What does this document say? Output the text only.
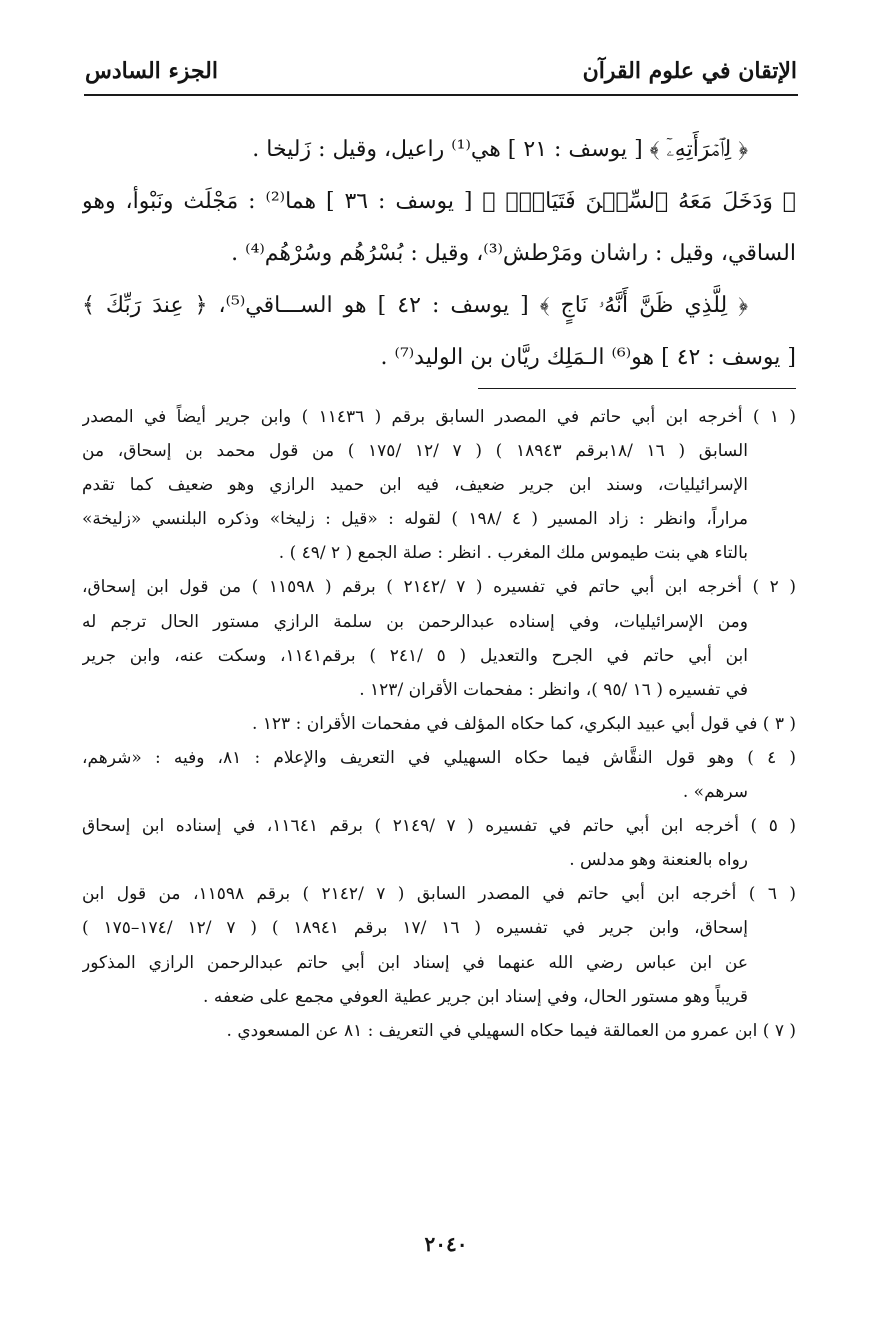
الإتقان في علوم القرآن
الجزء السادس
﴿ لِٱمۡرَأَتِهِۦٓ ﴾ [ يوسف : ٢١ ] هي⁽¹⁾ راعيل، وقيل : زَليخا .
﴿ وَدَخَلَ مَعَهُ ٱلسِّجۡنَ فَتَيَانِۖ ﴾ [ يوسف : ٣٦ ] هما⁽²⁾ : مَجْلَث ونَبْوأ، وهو
الساقي، وقيل : راشان ومَرْطش⁽³⁾، وقيل : بُسْرُهُم وسُرْهُم⁽⁴⁾ .
﴿ لِلَّذِي ظَنَّ أَنَّهُۥ نَاجٍ ﴾ [ يوسف : ٤٢ ] هو الســـاقي⁽⁵⁾، ﴿ عِندَ رَبِّكَ ﴾
[ يوسف : ٤٢ ] هو⁽⁶⁾ الـمَلِك ريَّان بن الوليد⁽⁷⁾ .
( ١ ) أخرجه ابن أبي حاتم في المصدر السابق برقم ( ١١٤٣٦ ) وابن جرير أيضاً في المصدر
السابق ( ١٦ /١٨برقم ١٨٩٤٣ ) ( ٧ /١٢ /١٧٥ ) من قول محمد بن إسحاق، من
الإسرائيليات، وسند ابن جرير ضعيف، فيه ابن حميد الرازي وهو ضعيف كما تقدم
مراراً، وانظر : زاد المسير ( ٤ /١٩٨ ) لقوله : «قيل : زليخا» وذكره البلنسي «زليخة»
بالتاء هي بنت طيموس ملك المغرب . انظر : صلة الجمع ( ٢ /٤٩ ) .
( ٢ ) أخرجه ابن أبي حاتم في تفسيره ( ٧ /٢١٤٢ ) برقم ( ١١٥٩٨ ) من قول ابن إسحاق،
ومن الإسرائيليات، وفي إسناده عبدالرحمن بن سلمة الرازي مستور الحال ترجم له
ابن أبي حاتم في الجرح والتعديل ( ٥ /٢٤١ ) برقم١١٤١، وسكت عنه، وابن جرير
في تفسيره ( ١٦ /٩٥ )، وانظر : مفحمات الأقران /١٢٣ .
( ٣ ) في قول أبي عبيد البكري، كما حكاه المؤلف في مفحمات الأقران : ١٢٣ .
( ٤ ) وهو قول النقَّاش فيما حكاه السهيلي في التعريف والإعلام : ٨١، وفيه : «شرهم،
سرهم» .
( ٥ ) أخرجه ابن أبي حاتم في تفسيره ( ٧ /٢١٤٩ ) برقم ١١٦٤١، في إسناده ابن إسحاق
رواه بالعنعنة وهو مدلس .
( ٦ ) أخرجه ابن أبي حاتم في المصدر السابق ( ٧ /٢١٤٢ ) برقم ١١٥٩٨، من قول ابن
إسحاق، وابن جرير في تفسيره ( ١٦ /١٧ برقم ١٨٩٤١ ) ( ٧ /١٢ /١٧٤–١٧٥ )
عن ابن عباس رضي الله عنهما في إسناد ابن أبي حاتم عبدالرحمن الرازي المذكور
قريباً وهو مستور الحال، وفي إسناد ابن جرير عطية العوفي مجمع على ضعفه .
( ٧ ) ابن عمرو من العمالقة فيما حكاه السهيلي في التعريف : ٨١ عن المسعودي .
٢٠٤٠
